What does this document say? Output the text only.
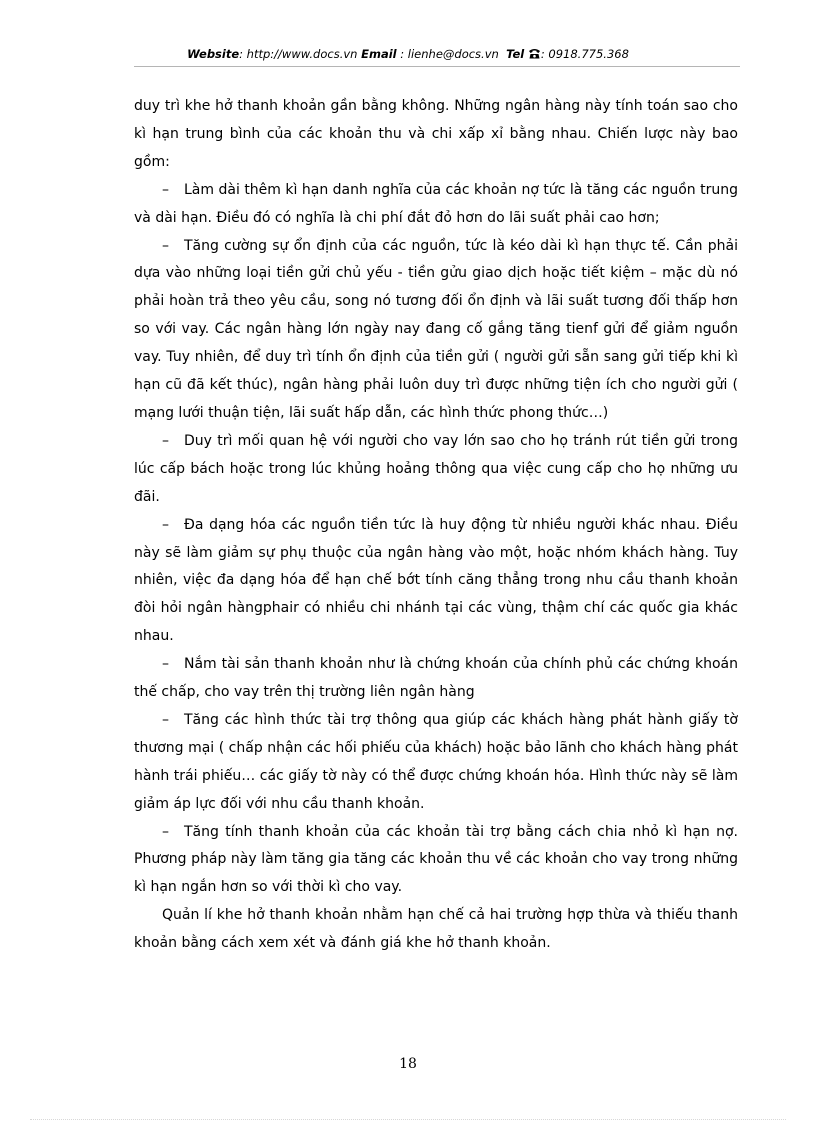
Website: http://www.docs.vn Email : lienhe@docs.vn Tel : 0918.775.368

duy trì khe hở thanh khoản gần bằng không. Những ngân hàng này tính toán sao cho kì hạn trung bình của các khoản thu và chi xấp xỉ bằng nhau. Chiến lược này bao gồm:

– Làm dài thêm kì hạn danh nghĩa của các khoản nợ tức là tăng các nguồn trung và dài hạn. Điều đó có nghĩa là chi phí đắt đỏ hơn do lãi suất phải cao hơn;

– Tăng cường sự ổn định của các nguồn, tức là kéo dài kì hạn thực tế. Cần phải dựa vào những loại tiền gửi chủ yếu - tiền gửu giao dịch hoặc tiết kiệm – mặc dù nó phải hoàn trả theo yêu cầu, song nó tương đối ổn định và lãi suất tương đối thấp hơn so với vay. Các ngân hàng lớn ngày nay đang cố gắng tăng tienf gửi để giảm nguồn vay. Tuy nhiên, để duy trì tính ổn định của tiền gửi ( người gửi sẵn sang gửi tiếp khi kì hạn cũ đã kết thúc), ngân hàng phải luôn duy trì được những tiện ích cho người gửi ( mạng lưới thuận tiện, lãi suất hấp dẫn, các hình thức phong thức…)

– Duy trì mối quan hệ với người cho vay lớn sao cho họ tránh rút tiền gửi trong lúc cấp bách hoặc trong lúc khủng hoảng thông qua việc cung cấp cho họ những ưu đãi.

– Đa dạng hóa các nguồn tiền tức là huy động từ nhiều người khác nhau. Điều này sẽ làm giảm sự phụ thuộc của ngân hàng vào một, hoặc nhóm khách hàng. Tuy nhiên, việc đa dạng hóa để hạn chế bớt tính căng thẳng trong nhu cầu thanh khoản đòi hỏi ngân hàngphair có nhiều chi nhánh tại các vùng, thậm chí các quốc gia khác nhau.

– Nắm tài sản thanh khoản như là chứng khoán của chính phủ các chứng khoán thế chấp, cho vay trên thị trường liên ngân hàng

– Tăng các hình thức tài trợ thông qua giúp các khách hàng phát hành giấy tờ thương mại ( chấp nhận các hối phiếu của khách) hoặc bảo lãnh cho khách hàng phát hành trái phiếu… các giấy tờ này có thể được chứng khoán hóa. Hình thức này sẽ làm giảm áp lực đối với nhu cầu thanh khoản.

– Tăng tính thanh khoản của các khoản tài trợ bằng cách chia nhỏ kì hạn nợ. Phương pháp này làm tăng gia tăng các khoản thu về các khoản cho vay trong những kì hạn ngắn hơn so với thời kì cho vay.

Quản lí khe hở thanh khoản nhằm hạn chế cả hai trường hợp thừa và thiếu thanh khoản bằng cách xem xét và đánh giá khe hở thanh khoản.

18
